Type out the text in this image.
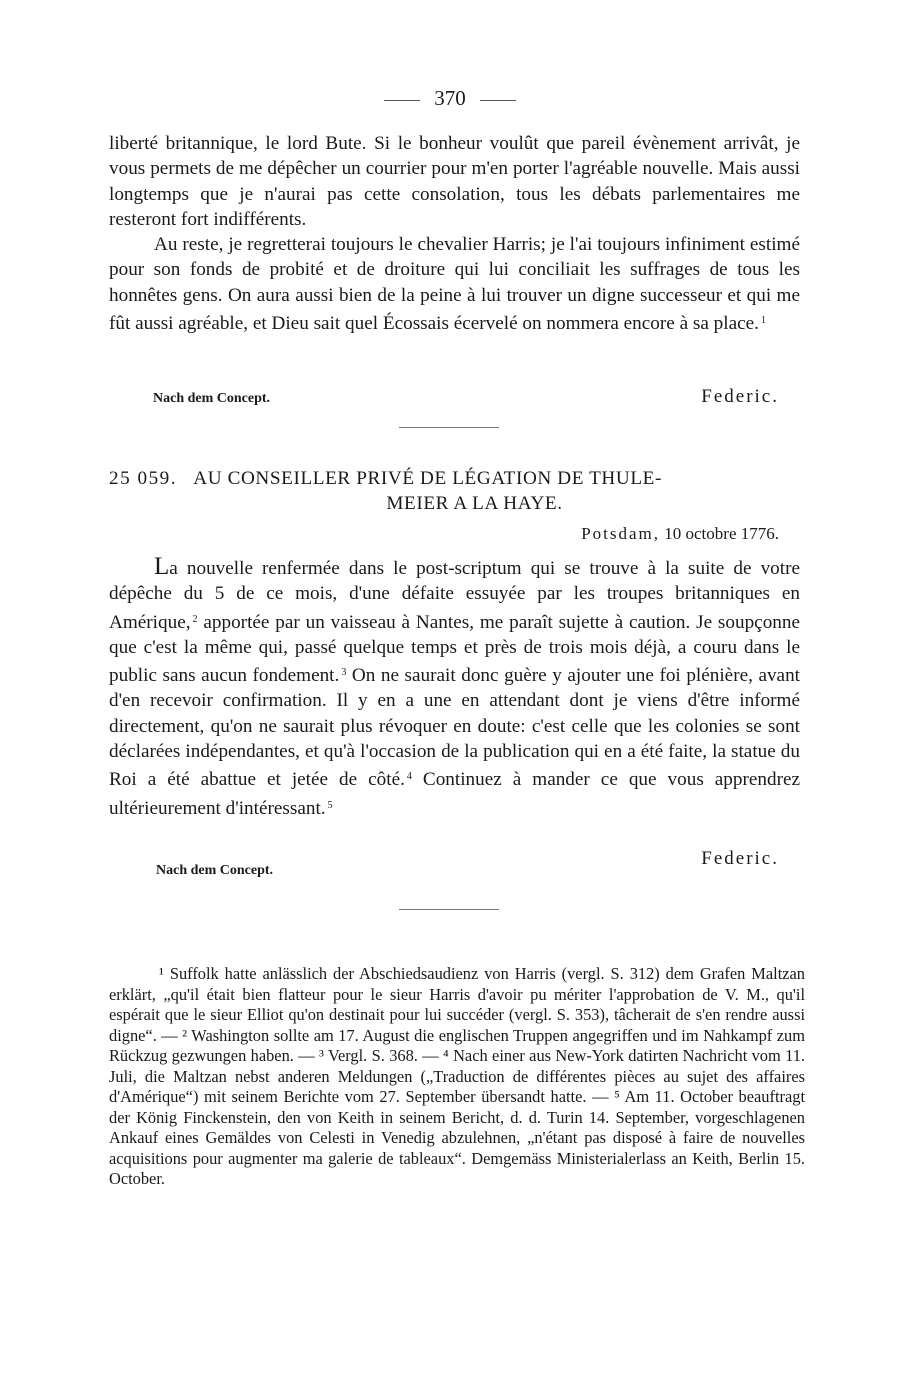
370

liberté britannique, le lord Bute. Si le bonheur voulût que pareil évènement arrivât, je vous permets de me dépêcher un courrier pour m'en porter l'agréable nouvelle. Mais aussi longtemps que je n'aurai pas cette consolation, tous les débats parlementaires me resteront fort indifférents.

Au reste, je regretterai toujours le chevalier Harris; je l'ai toujours infiniment estimé pour son fonds de probité et de droiture qui lui conciliait les suffrages de tous les honnêtes gens. On aura aussi bien de la peine à lui trouver un digne successeur et qui me fût aussi agréable, et Dieu sait quel Écossais écervelé on nommera encore à sa place. $^1$

Nach dem Concept.	Federic.
25 059. AU CONSEILLER PRIVÉ DE LÉGATION DE THULE-
MEIER A LA HAYE.
Potsdam, 10 octobre 1776.

La nouvelle renfermée dans le post-scriptum qui se trouve à la suite de votre dépêche du 5 de ce mois, d'une défaite essuyée par les troupes britanniques en Amérique, $^2$ apportée par un vaisseau à Nantes, me paraît sujette à caution. Je soupçonne que c'est la même qui, passé quelque temps et près de trois mois déjà, a couru dans le public sans aucun fondement. $^3$ On ne saurait donc guère y ajouter une foi plénière, avant d'en recevoir confirmation. Il y en a une en attendant dont je viens d'être informé directement, qu'on ne saurait plus révoquer en doute: c'est celle que les colonies se sont déclarées indépendantes, et qu'à l'occasion de la publication qui en a été faite, la statue du Roi a été abattue et jetée de côté. $^4$ Continuez à mander ce que vous apprendrez ultérieurement d'intéressant. $^5$

Federic.
Nach dem Concept.

¹ Suffolk hatte anlässlich der Abschiedsaudienz von Harris (vergl. S. 312) dem Grafen Maltzan erklärt, „qu'il était bien flatteur pour le sieur Harris d'avoir pu mériter l'approbation de V. M., qu'il espérait que le sieur Elliot qu'on destinait pour lui succéder (vergl. S. 353), tâcherait de s'en rendre aussi digne“. — ² Washington sollte am 17. August die englischen Truppen angegriffen und im Nahkampf zum Rückzug gezwungen haben. — ³ Vergl. S. 368. — ⁴ Nach einer aus New-York datirten Nachricht vom 11. Juli, die Maltzan nebst anderen Meldungen („Traduction de différentes pièces au sujet des affaires d'Amérique“) mit seinem Berichte vom 27. September übersandt hatte. — ⁵ Am 11. October beauftragt der König Finckenstein, den von Keith in seinem Bericht, d. d. Turin 14. September, vorgeschlagenen Ankauf eines Gemäldes von Celesti in Venedig abzulehnen, „n'étant pas disposé à faire de nouvelles acquisitions pour augmenter ma galerie de tableaux“. Demgemäss Ministerialerlass an Keith, Berlin 15. October.
